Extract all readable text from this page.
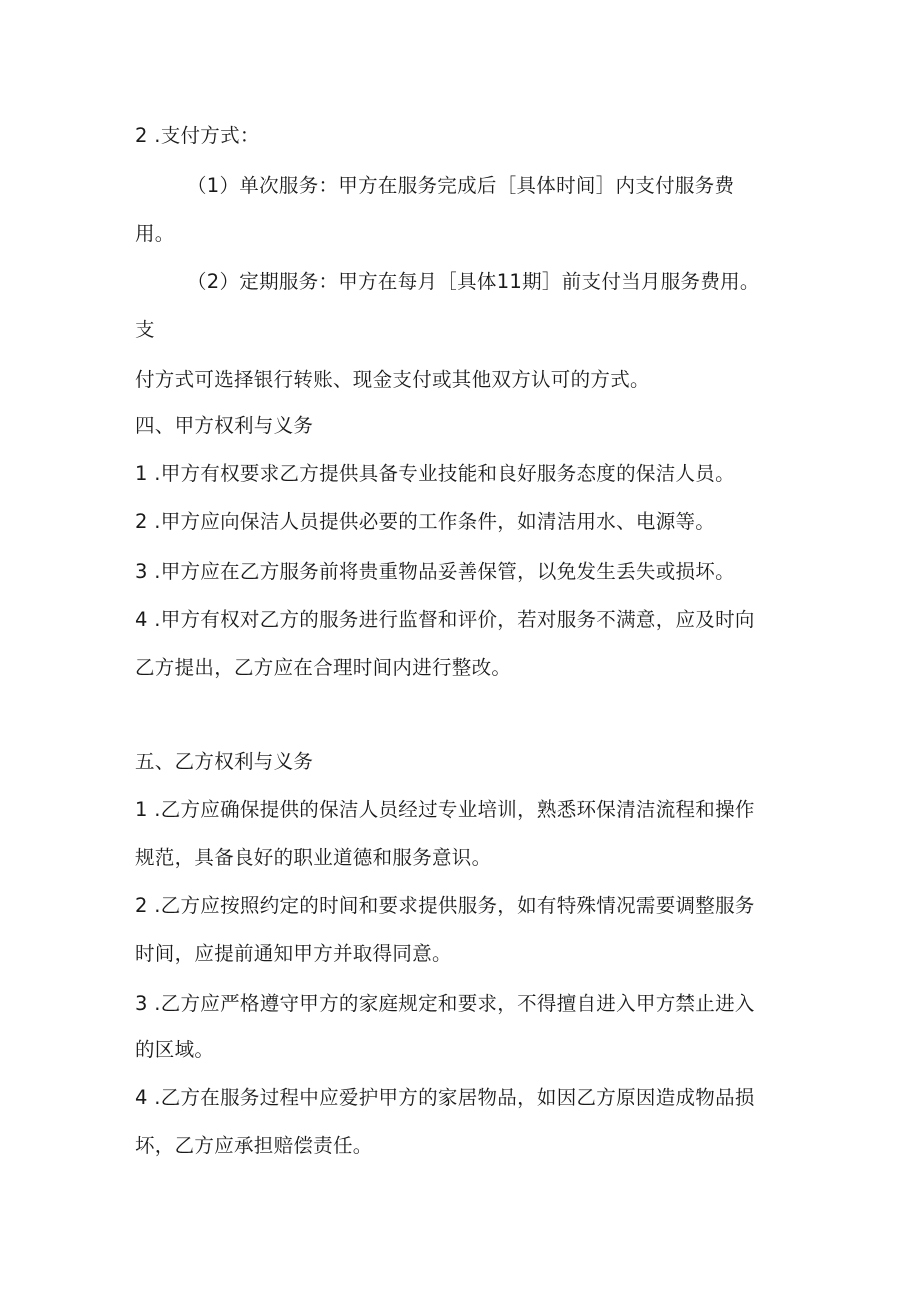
2 .支付方式：
（1）单次服务：甲方在服务完成后［具体时间］内支付服务费
用。
（2）定期服务：甲方在每月［具体11期］前支付当月服务费用。
支
付方式可选择银行转账、现金支付或其他双方认可的方式。
四、甲方权利与义务
1 .甲方有权要求乙方提供具备专业技能和良好服务态度的保洁人员。
2 .甲方应向保洁人员提供必要的工作条件，如清洁用水、电源等。
3 .甲方应在乙方服务前将贵重物品妥善保管，以免发生丢失或损坏。
4 .甲方有权对乙方的服务进行监督和评价，若对服务不满意，应及时向
乙方提出，乙方应在合理时间内进行整改。
五、乙方权利与义务
1 .乙方应确保提供的保洁人员经过专业培训，熟悉环保清洁流程和操作
规范，具备良好的职业道德和服务意识。
2 .乙方应按照约定的时间和要求提供服务，如有特殊情况需要调整服务
时间，应提前通知甲方并取得同意。
3 .乙方应严格遵守甲方的家庭规定和要求，不得擅自进入甲方禁止进入
的区域。
4 .乙方在服务过程中应爱护甲方的家居物品，如因乙方原因造成物品损
坏，乙方应承担赔偿责任。
